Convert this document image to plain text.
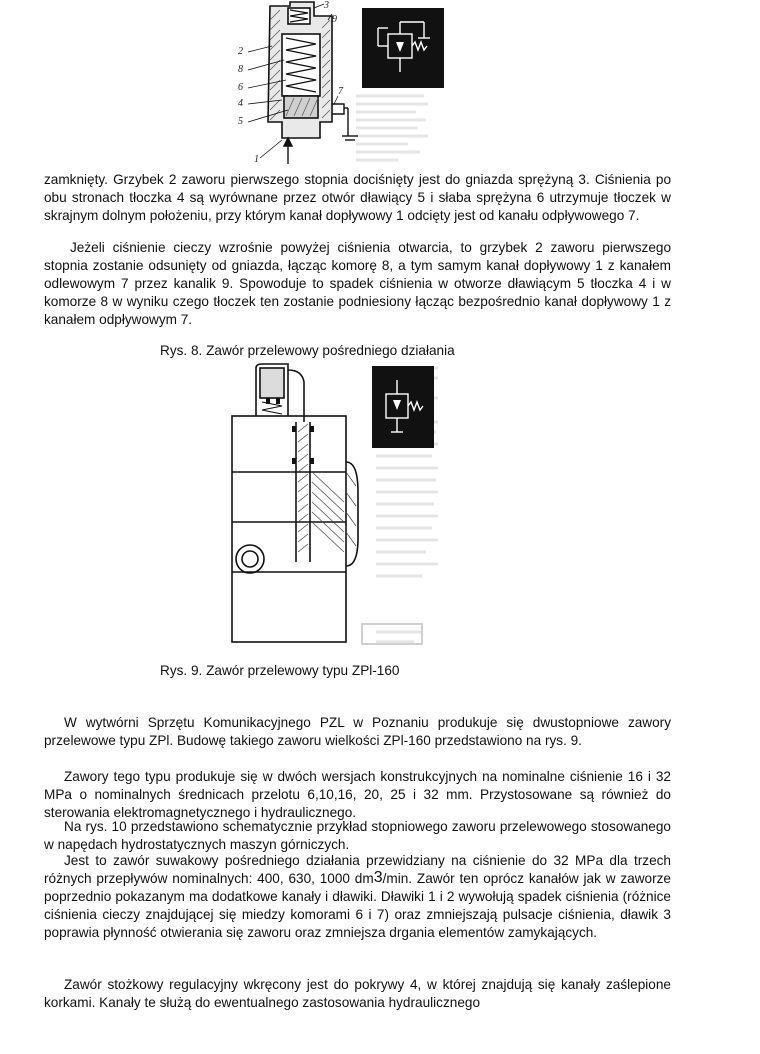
3
9
2
8
6
4
5
7
1

zamknięty. Grzybek 2 zaworu pierwszego stopnia dociśnięty jest do gniazda sprężyną 3. Ciśnienia po obu stronach tłoczka 4 są wyrównane przez otwór dławiący 5 i słaba sprężyna 6 utrzymuje tłoczek w skrajnym dolnym położeniu, przy którym kanał dopływowy 1 odcięty jest od kanału odpływowego 7.

Jeżeli ciśnienie cieczy wzrośnie powyżej ciśnienia otwarcia, to grzybek 2 zaworu pierwszego stopnia zostanie odsunięty od gniazda, łącząc komorę 8, a tym samym kanał dopływowy 1 z kanałem odlewowym 7 przez kanalik 9. Spowoduje to spadek ciśnienia w otworze dławiącym 5 tłoczka 4 i w komorze 8 w wyniku czego tłoczek ten zostanie podniesiony łącząc bezpośrednio kanał dopływowy 1 z kanałem odpływowym 7.

Rys. 8. Zawór przelewowy pośredniego działania

Rys. 9. Zawór przelewowy typu ZPl-160

W wytwórni Sprzętu Komunikacyjnego PZL w Poznaniu produkuje się dwustopniowe zawory przelewowe typu ZPl. Budowę takiego zaworu wielkości ZPl-160 przedstawiono na rys. 9.

Zawory tego typu produkuje się w dwóch wersjach konstrukcyjnych na nominalne ciśnienie 16 i 32 MPa o nominalnych średnicach przelotu 6,10,16, 20, 25 i 32 mm. Przystosowane są również do sterowania elektromagnetycznego i hydraulicznego.

Na rys. 10 przedstawiono schematycznie przykład stopniowego zaworu przelewowego stosowanego w napędach hydrostatycznych maszyn górniczych.

Jest to zawór suwakowy pośredniego działania przewidziany na ciśnienie do 32 MPa dla trzech różnych przepływów nominalnych: 400, 630, 1000 $dm^3/\min$. Zawór ten oprócz kanałów jak w zaworze poprzednio pokazanym ma dodatkowe kanały i dławiki. Dławiki 1 i 2 wywołują spadek ciśnienia (różnice ciśnienia cieczy znajdującej się miedzy komorami 6 i 7) oraz zmniejszają pulsacje ciśnienia, dławik 3 poprawia płynność otwierania się zaworu oraz zmniejsza drgania elementów zamykających.

Zawór stożkowy regulacyjny wkręcony jest do pokrywy 4, w której znajdują się kanały zaślepione korkami. Kanały te służą do ewentualnego zastosowania hydraulicznego
